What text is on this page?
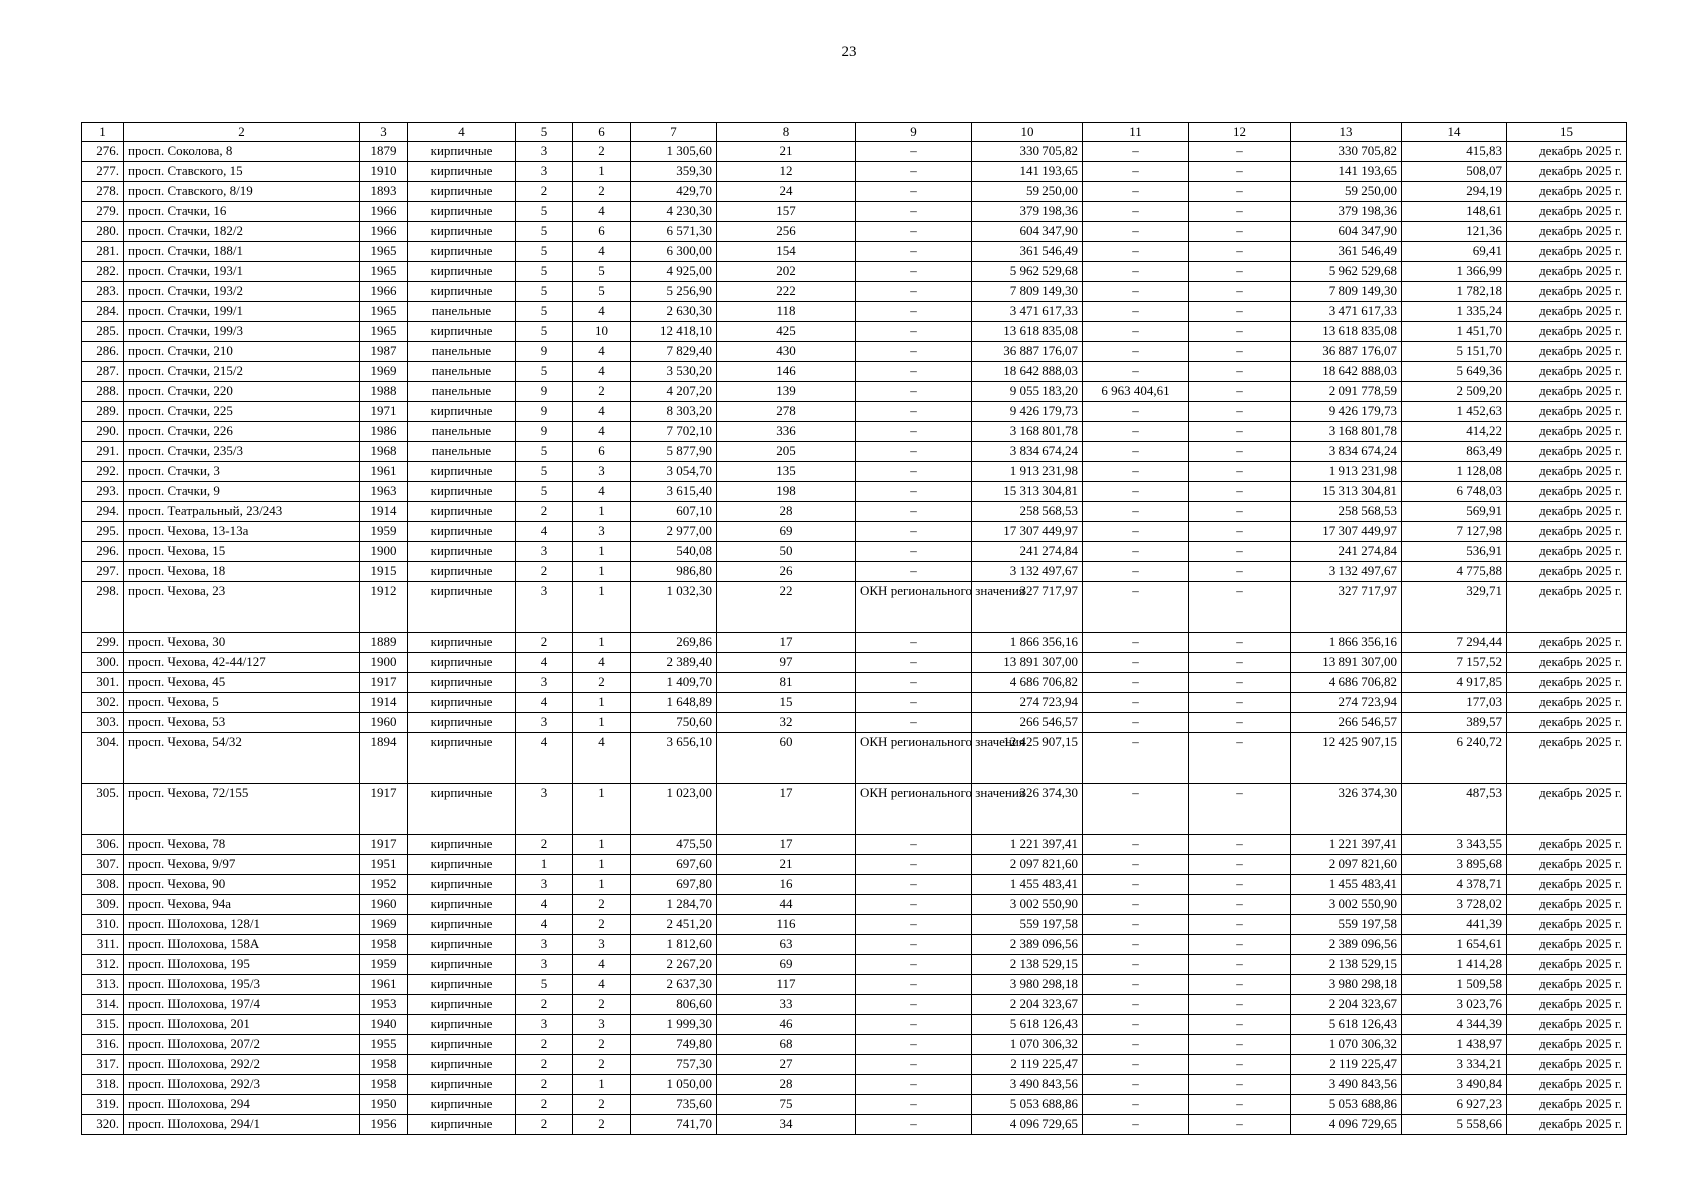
23
1	2	3	4	5	6	7	8	9	10	11	12	13	14	15
276.	просп. Соколова, 8	1879	кирпичные	3	2	1 305,60	21	–	330 705,82	–	–	330 705,82	415,83	декабрь 2025 г.
277.	просп. Ставского, 15	1910	кирпичные	3	1	359,30	12	–	141 193,65	–	–	141 193,65	508,07	декабрь 2025 г.
278.	просп. Ставского, 8/19	1893	кирпичные	2	2	429,70	24	–	59 250,00	–	–	59 250,00	294,19	декабрь 2025 г.
279.	просп. Стачки, 16	1966	кирпичные	5	4	4 230,30	157	–	379 198,36	–	–	379 198,36	148,61	декабрь 2025 г.
280.	просп. Стачки, 182/2	1966	кирпичные	5	6	6 571,30	256	–	604 347,90	–	–	604 347,90	121,36	декабрь 2025 г.
281.	просп. Стачки, 188/1	1965	кирпичные	5	4	6 300,00	154	–	361 546,49	–	–	361 546,49	69,41	декабрь 2025 г.
282.	просп. Стачки, 193/1	1965	кирпичные	5	5	4 925,00	202	–	5 962 529,68	–	–	5 962 529,68	1 366,99	декабрь 2025 г.
283.	просп. Стачки, 193/2	1966	кирпичные	5	5	5 256,90	222	–	7 809 149,30	–	–	7 809 149,30	1 782,18	декабрь 2025 г.
284.	просп. Стачки, 199/1	1965	панельные	5	4	2 630,30	118	–	3 471 617,33	–	–	3 471 617,33	1 335,24	декабрь 2025 г.
285.	просп. Стачки, 199/3	1965	кирпичные	5	10	12 418,10	425	–	13 618 835,08	–	–	13 618 835,08	1 451,70	декабрь 2025 г.
286.	просп. Стачки, 210	1987	панельные	9	4	7 829,40	430	–	36 887 176,07	–	–	36 887 176,07	5 151,70	декабрь 2025 г.
287.	просп. Стачки, 215/2	1969	панельные	5	4	3 530,20	146	–	18 642 888,03	–	–	18 642 888,03	5 649,36	декабрь 2025 г.
288.	просп. Стачки, 220	1988	панельные	9	2	4 207,20	139	–	9 055 183,20	6 963 404,61	–	2 091 778,59	2 509,20	декабрь 2025 г.
289.	просп. Стачки, 225	1971	кирпичные	9	4	8 303,20	278	–	9 426 179,73	–	–	9 426 179,73	1 452,63	декабрь 2025 г.
290.	просп. Стачки, 226	1986	панельные	9	4	7 702,10	336	–	3 168 801,78	–	–	3 168 801,78	414,22	декабрь 2025 г.
291.	просп. Стачки, 235/3	1968	панельные	5	6	5 877,90	205	–	3 834 674,24	–	–	3 834 674,24	863,49	декабрь 2025 г.
292.	просп. Стачки, 3	1961	кирпичные	5	3	3 054,70	135	–	1 913 231,98	–	–	1 913 231,98	1 128,08	декабрь 2025 г.
293.	просп. Стачки, 9	1963	кирпичные	5	4	3 615,40	198	–	15 313 304,81	–	–	15 313 304,81	6 748,03	декабрь 2025 г.
294.	просп. Театральный, 23/243	1914	кирпичные	2	1	607,10	28	–	258 568,53	–	–	258 568,53	569,91	декабрь 2025 г.
295.	просп. Чехова, 13-13а	1959	кирпичные	4	3	2 977,00	69	–	17 307 449,97	–	–	17 307 449,97	7 127,98	декабрь 2025 г.
296.	просп. Чехова, 15	1900	кирпичные	3	1	540,08	50	–	241 274,84	–	–	241 274,84	536,91	декабрь 2025 г.
297.	просп. Чехова, 18	1915	кирпичные	2	1	986,80	26	–	3 132 497,67	–	–	3 132 497,67	4 775,88	декабрь 2025 г.
298.	просп. Чехова, 23	1912	кирпичные	3	1	1 032,30	22	ОКН регионального значения	327 717,97	–	–	327 717,97	329,71	декабрь 2025 г.
299.	просп. Чехова, 30	1889	кирпичные	2	1	269,86	17	–	1 866 356,16	–	–	1 866 356,16	7 294,44	декабрь 2025 г.
300.	просп. Чехова, 42-44/127	1900	кирпичные	4	4	2 389,40	97	–	13 891 307,00	–	–	13 891 307,00	7 157,52	декабрь 2025 г.
301.	просп. Чехова, 45	1917	кирпичные	3	2	1 409,70	81	–	4 686 706,82	–	–	4 686 706,82	4 917,85	декабрь 2025 г.
302.	просп. Чехова, 5	1914	кирпичные	4	1	1 648,89	15	–	274 723,94	–	–	274 723,94	177,03	декабрь 2025 г.
303.	просп. Чехова, 53	1960	кирпичные	3	1	750,60	32	–	266 546,57	–	–	266 546,57	389,57	декабрь 2025 г.
304.	просп. Чехова, 54/32	1894	кирпичные	4	4	3 656,10	60	ОКН регионального значения	12 425 907,15	–	–	12 425 907,15	6 240,72	декабрь 2025 г.
305.	просп. Чехова, 72/155	1917	кирпичные	3	1	1 023,00	17	ОКН регионального значения	326 374,30	–	–	326 374,30	487,53	декабрь 2025 г.
306.	просп. Чехова, 78	1917	кирпичные	2	1	475,50	17	–	1 221 397,41	–	–	1 221 397,41	3 343,55	декабрь 2025 г.
307.	просп. Чехова, 9/97	1951	кирпичные	1	1	697,60	21	–	2 097 821,60	–	–	2 097 821,60	3 895,68	декабрь 2025 г.
308.	просп. Чехова, 90	1952	кирпичные	3	1	697,80	16	–	1 455 483,41	–	–	1 455 483,41	4 378,71	декабрь 2025 г.
309.	просп. Чехова, 94а	1960	кирпичные	4	2	1 284,70	44	–	3 002 550,90	–	–	3 002 550,90	3 728,02	декабрь 2025 г.
310.	просп. Шолохова, 128/1	1969	кирпичные	4	2	2 451,20	116	–	559 197,58	–	–	559 197,58	441,39	декабрь 2025 г.
311.	просп. Шолохова, 158А	1958	кирпичные	3	3	1 812,60	63	–	2 389 096,56	–	–	2 389 096,56	1 654,61	декабрь 2025 г.
312.	просп. Шолохова, 195	1959	кирпичные	3	4	2 267,20	69	–	2 138 529,15	–	–	2 138 529,15	1 414,28	декабрь 2025 г.
313.	просп. Шолохова, 195/3	1961	кирпичные	5	4	2 637,30	117	–	3 980 298,18	–	–	3 980 298,18	1 509,58	декабрь 2025 г.
314.	просп. Шолохова, 197/4	1953	кирпичные	2	2	806,60	33	–	2 204 323,67	–	–	2 204 323,67	3 023,76	декабрь 2025 г.
315.	просп. Шолохова, 201	1940	кирпичные	3	3	1 999,30	46	–	5 618 126,43	–	–	5 618 126,43	4 344,39	декабрь 2025 г.
316.	просп. Шолохова, 207/2	1955	кирпичные	2	2	749,80	68	–	1 070 306,32	–	–	1 070 306,32	1 438,97	декабрь 2025 г.
317.	просп. Шолохова, 292/2	1958	кирпичные	2	2	757,30	27	–	2 119 225,47	–	–	2 119 225,47	3 334,21	декабрь 2025 г.
318.	просп. Шолохова, 292/3	1958	кирпичные	2	1	1 050,00	28	–	3 490 843,56	–	–	3 490 843,56	3 490,84	декабрь 2025 г.
319.	просп. Шолохова, 294	1950	кирпичные	2	2	735,60	75	–	5 053 688,86	–	–	5 053 688,86	6 927,23	декабрь 2025 г.
320.	просп. Шолохова, 294/1	1956	кирпичные	2	2	741,70	34	–	4 096 729,65	–	–	4 096 729,65	5 558,66	декабрь 2025 г.
